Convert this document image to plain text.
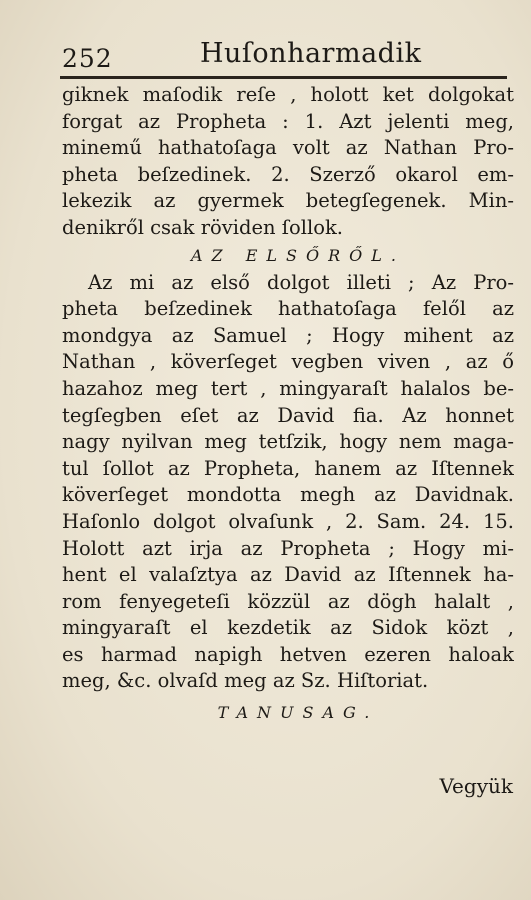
252	Huſonharmadik
giknek maſodik reſe , holott ket dolgokat
forgat az Propheta : 1. Azt jelenti meg,
minemű hathatoſaga volt az Nathan Pro-
pheta beſzedinek. 2. Szerző okarol em-
lekezik az gyermek betegſegenek. Min-
denikről csak röviden ſollok.
AZ ELSŐRŐL.
Az mi az első dolgot illeti ; Az Pro-
pheta beſzedinek hathatoſaga felől az
mondgya az Samuel ; Hogy mihent az
Nathan , köverſeget vegben viven , az ő
hazahoz meg tert , mingyaraſt halalos be-
tegſegben eſet az David fia. Az honnet
nagy nyilvan meg tetſzik, hogy nem maga-
tul ſollot az Propheta, hanem az Iſtennek
köverſeget mondotta megh az Davidnak.
Haſonlo dolgot olvaſunk , 2. Sam. 24. 15.
Holott azt irja az Propheta ; Hogy mi-
hent el valaſztya az David az Iſtennek ha-
rom fenyegeteſi közzül az dögh halalt ,
mingyaraſt el kezdetik az Sidok közt ,
es harmad napigh hetven ezeren haloak
meg, &c. olvaſd meg az Sz. Hiſtoriat.
TANUSAG.
Vegyük
